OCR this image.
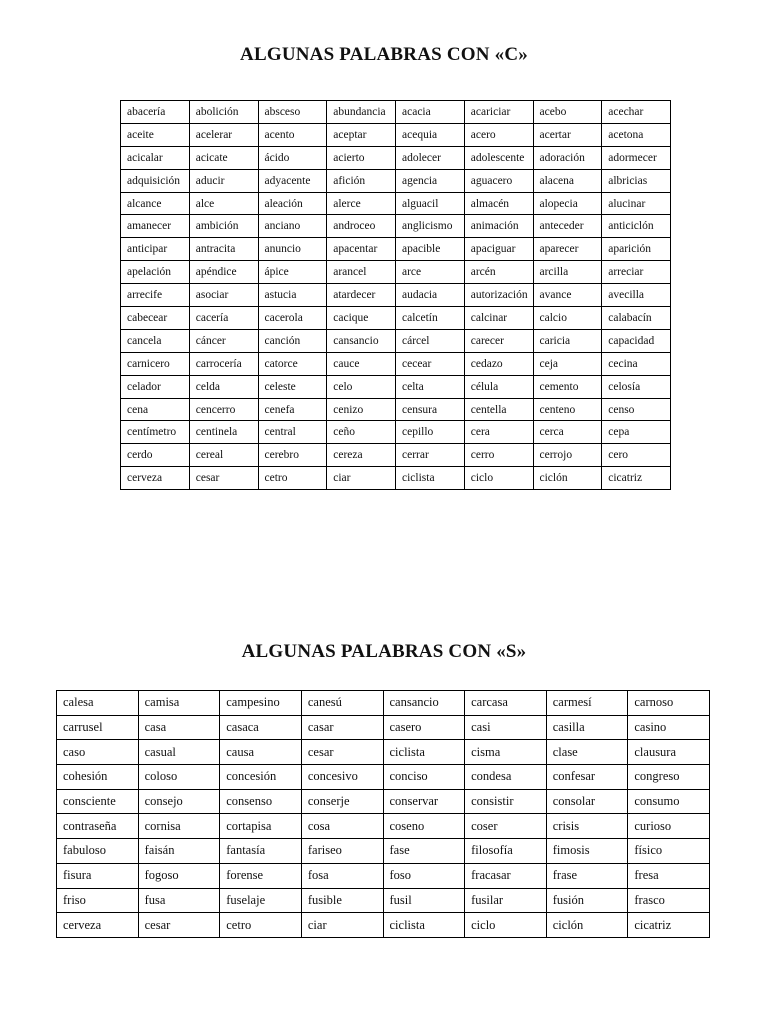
ALGUNAS PALABRAS CON «C»
abacería	abolición	absceso	abundancia	acacia	acariciar	acebo	acechar
aceite	acelerar	acento	aceptar	acequia	acero	acertar	acetona
acicalar	acicate	ácido	acierto	adolecer	adolescente	adoración	adormecer
adquisición	aducir	adyacente	afición	agencia	aguacero	alacena	albricias
alcance	alce	aleación	alerce	alguacil	almacén	alopecia	alucinar
amanecer	ambición	anciano	androceo	anglicismo	animación	anteceder	anticiclón
anticipar	antracita	anuncio	apacentar	apacible	apaciguar	aparecer	aparición
apelación	apéndice	ápice	arancel	arce	arcén	arcilla	arreciar
arrecife	asociar	astucia	atardecer	audacia	autorización	avance	avecilla
cabecear	cacería	cacerola	cacique	calcetín	calcinar	calcio	calabacín
cancela	cáncer	canción	cansancio	cárcel	carecer	caricia	capacidad
carnicero	carrocería	catorce	cauce	cecear	cedazo	ceja	cecina
celador	celda	celeste	celo	celta	célula	cemento	celosía
cena	cencerro	cenefa	cenizo	censura	centella	centeno	censo
centímetro	centinela	central	ceño	cepillo	cera	cerca	cepa
cerdo	cereal	cerebro	cereza	cerrar	cerro	cerrojo	cero
cerveza	cesar	cetro	ciar	ciclista	ciclo	ciclón	cicatriz
ALGUNAS PALABRAS CON «S»
calesa	camisa	campesino	canesú	cansancio	carcasa	carmesí	carnoso
carrusel	casa	casaca	casar	casero	casi	casilla	casino
caso	casual	causa	cesar	ciclista	cisma	clase	clausura
cohesión	coloso	concesión	concesivo	conciso	condesa	confesar	congreso
consciente	consejo	consenso	conserje	conservar	consistir	consolar	consumo
contraseña	cornisa	cortapisa	cosa	coseno	coser	crisis	curioso
fabuloso	faisán	fantasía	fariseo	fase	filosofía	fimosis	físico
fisura	fogoso	forense	fosa	foso	fracasar	frase	fresa
friso	fusa	fuselaje	fusible	fusil	fusilar	fusión	frasco
cerveza	cesar	cetro	ciar	ciclista	ciclo	ciclón	cicatriz
